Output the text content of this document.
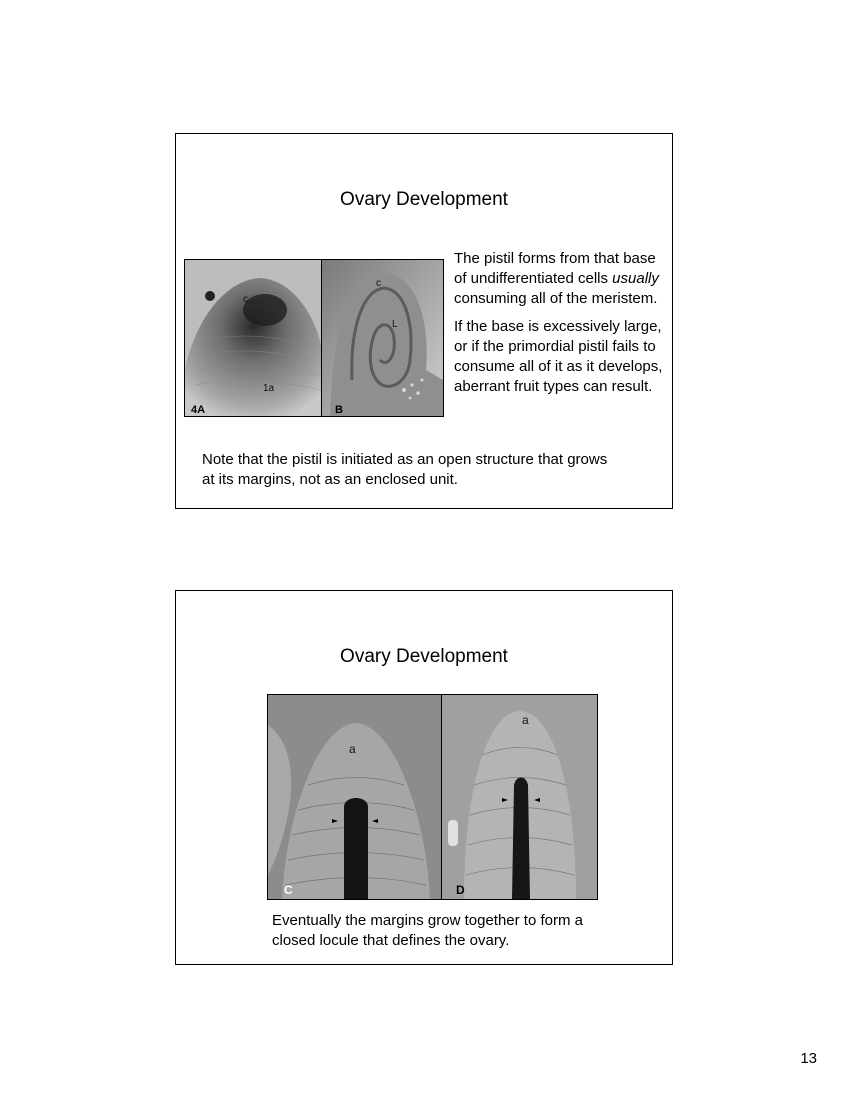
Ovary Development
c
1a
4A
c
L
B

The pistil forms from that base of undifferentiated cells usually consuming all of the meristem.

If the base is excessively large, or if the primordial pistil fails to consume all of it as it develops, aberrant fruit types can result.

Note that the pistil is initiated as an open structure that grows at its margins, not as an enclosed unit.
Ovary Development
a
C
a
D
Eventually the margins grow together to form a closed locule that defines the ovary.
13
